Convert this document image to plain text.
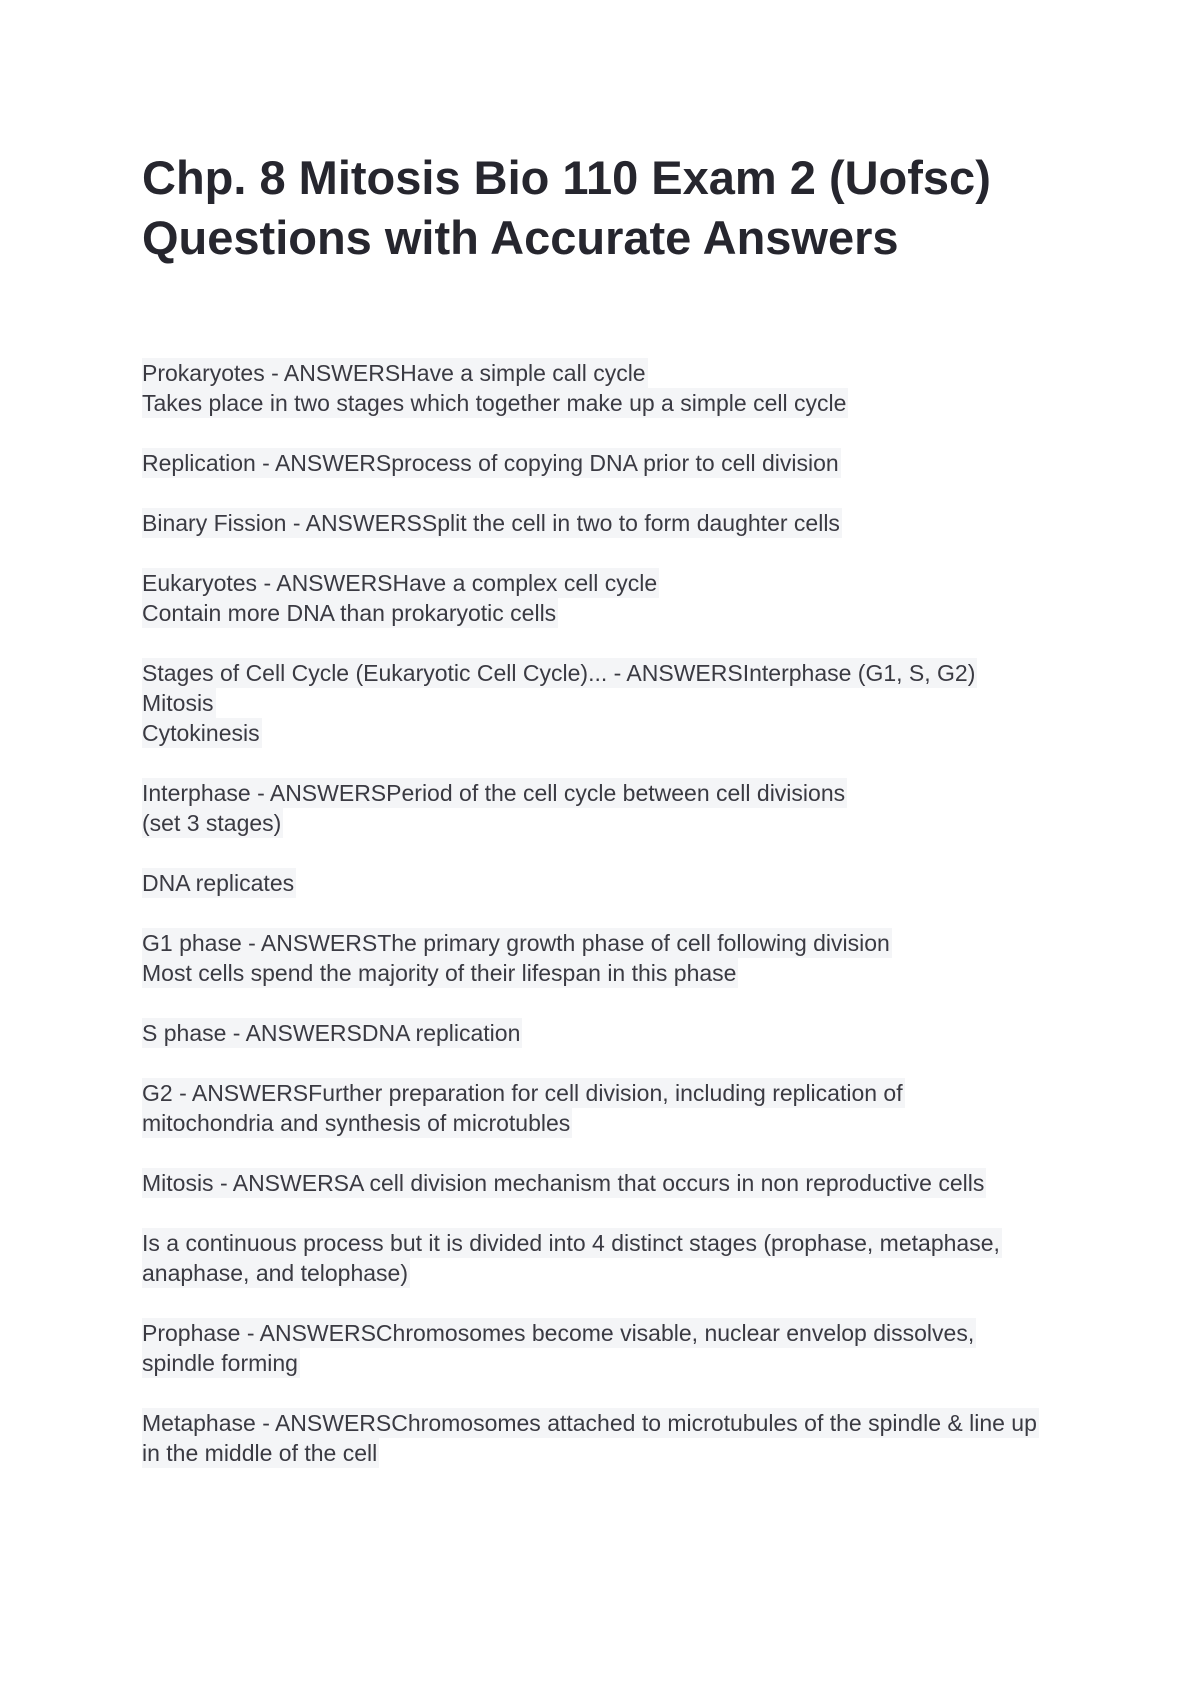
Chp. 8 Mitosis Bio 110 Exam 2 (Uofsc)
Questions with Accurate Answers
Prokaryotes - ANSWERSHave a simple call cycle
Takes place in two stages which together make up a simple cell cycle
Replication - ANSWERSprocess of copying DNA prior to cell division
Binary Fission - ANSWERSSplit the cell in two to form daughter cells
Eukaryotes - ANSWERSHave a complex cell cycle
Contain more DNA than prokaryotic cells
Stages of Cell Cycle (Eukaryotic Cell Cycle)... - ANSWERSInterphase (G1, S, G2)
Mitosis
Cytokinesis
Interphase - ANSWERSPeriod of the cell cycle between cell divisions
(set 3 stages)
DNA replicates
G1 phase - ANSWERSThe primary growth phase of cell following division
Most cells spend the majority of their lifespan in this phase
S phase - ANSWERSDNA replication
G2 - ANSWERSFurther preparation for cell division, including replication of
mitochondria and synthesis of microtubles
Mitosis - ANSWERSA cell division mechanism that occurs in non reproductive cells
Is a continuous process but it is divided into 4 distinct stages (prophase, metaphase,
anaphase, and telophase)
Prophase - ANSWERSChromosomes become visable, nuclear envelop dissolves,
spindle forming
Metaphase - ANSWERSChromosomes attached to microtubules of the spindle & line up
in the middle of the cell
